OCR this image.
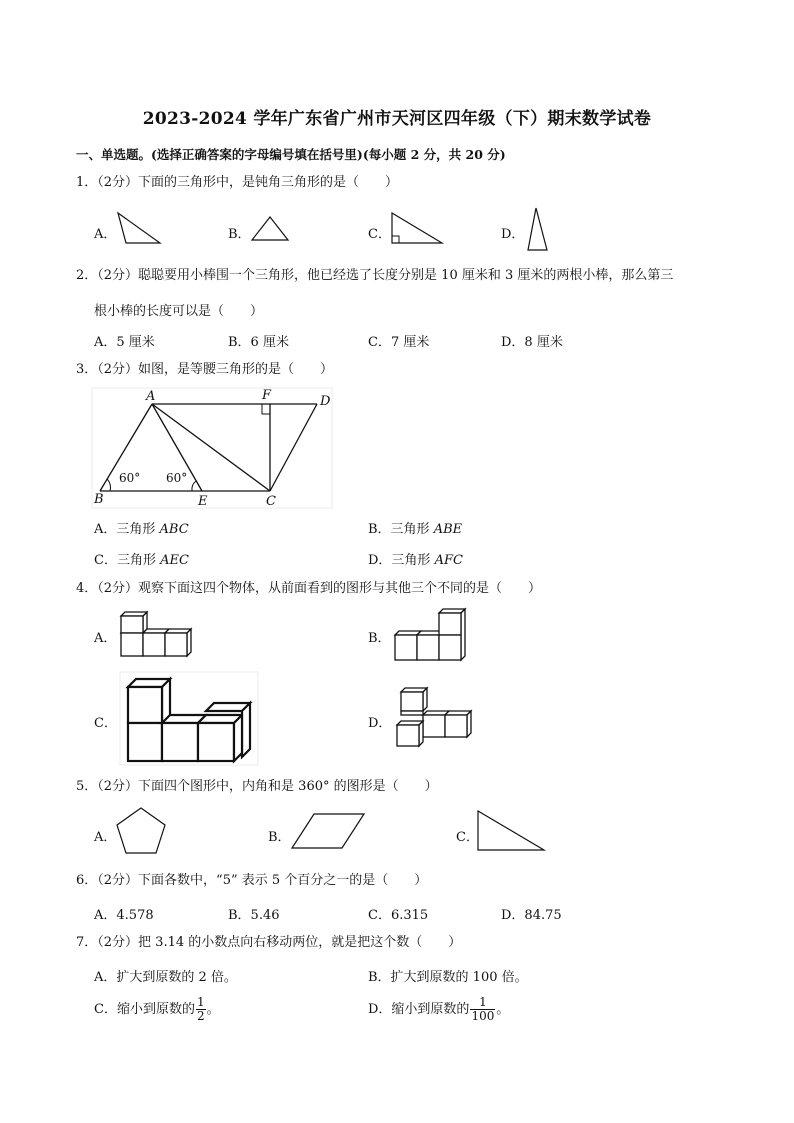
2023-2024 学年广东省广州市天河区四年级（下）期末数学试卷
一、单选题。(选择正确答案的字母编号填在括号里)(每小题 2 分，共 20 分)
1．（2分）下面的三角形中，是钝角三角形的是（　　）
A．	B．	C．	D．
2．（2分）聪聪要用小棒围一个三角形，他已经选了长度分别是 10 厘米和 3 厘米的两根小棒，那么第三
根小棒的长度可以是（　　）
A．5 厘米	B．6 厘米	C．7 厘米	D．8 厘米
3．（2分）如图，是等腰三角形的是（　　）
A	F	D
B	E	C
60° 60°
A．三角形 ABC	B．三角形 ABE
C．三角形 AEC	D．三角形 AFC
4．（2分）观察下面这四个物体，从前面看到的图形与其他三个不同的是（　　）
A．	B．
C．	D．
5．（2分）下面四个图形中，内角和是 360° 的图形是（　　）
A．	B．	C．
6．（2分）下面各数中，“5” 表示 5 个百分之一的是（　　）
A．4.578	B．5.46	C．6.315	D．84.75
7．（2分）把 3.14 的小数点向右移动两位，就是把这个数（　　）
A．扩大到原数的 2 倍。	B．扩大到原数的 100 倍。
C．缩小到原数的 $\frac{1}{2}$ 。	D．缩小到原数的 $\frac{1}{100}$ 。
